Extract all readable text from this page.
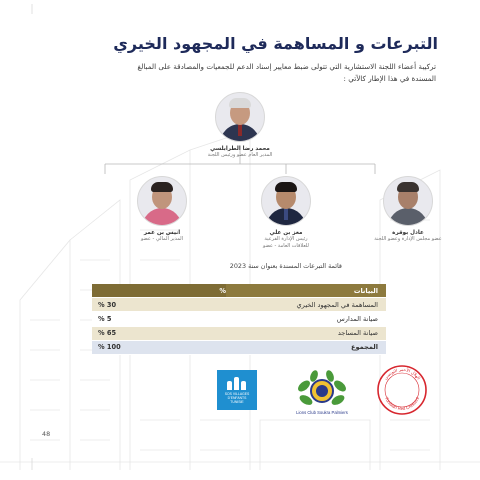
التبرعات و المساهمة في المجهود الخيري
تركيبة أعضاء اللجنة الاستشارية التي تتولى ضبط معايير إسناد الدعم للجمعيات والمصادقة على المبالغ المسندة في هذا الإطار كالآتي :
محمد رضا الطرابلسي
المدير العام عضو ورئيس اللجنة
عادل بوقرة
عضو مجلس الإدارة وعضو اللجنة
معز بن علي
رئيس الإدارة الفرعية
للعلاقات العامة - عضو
انيس بن عمر
المدير المالي - عضو
قائمة التبرعات المسندة بعنوان سنة 2023
البيانات
%
المساهمة في المجهود الخيري
30 %
صيانة المدارس
5 %
صيانة المساجد
65 %
المجموع
100 %
SOS VILLAGES
D'ENFANTS
TUNISIE
Lions Club Soukra Palmiers
الهلال الأحمر التونسي
Tunisian Red Crescent
48
